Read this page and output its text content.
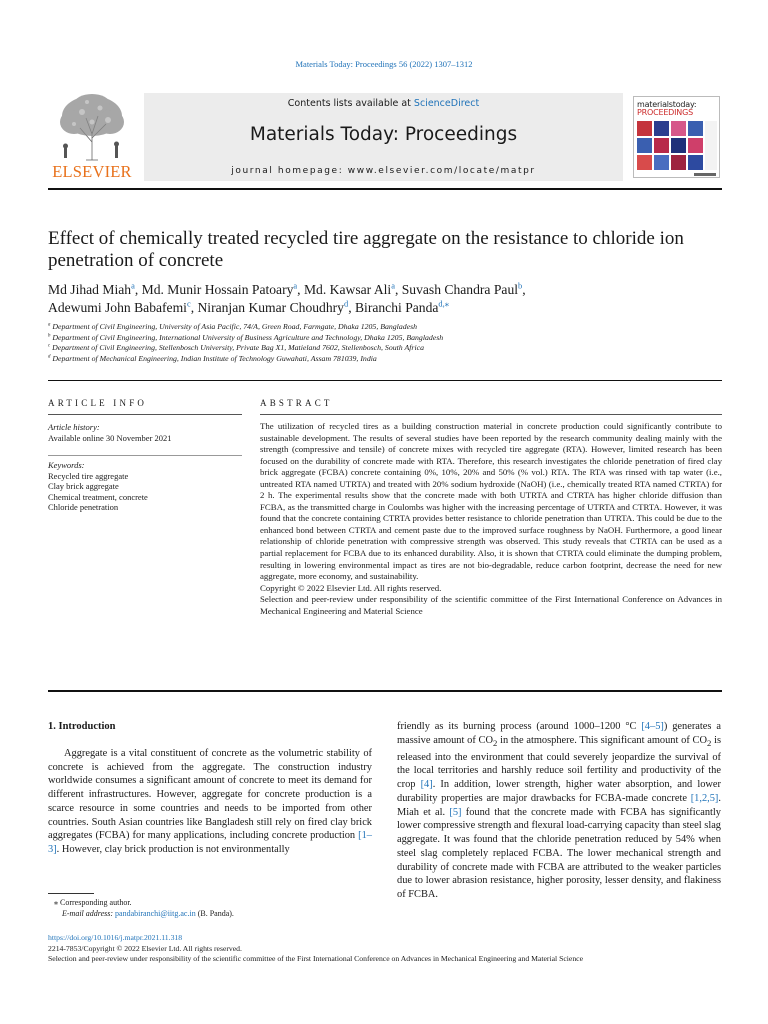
Materials Today: Proceedings 56 (2022) 1307–1312
ELSEVIER
Contents lists available at ScienceDirect
Materials Today: Proceedings
journal homepage: www.elsevier.com/locate/matpr
materialstoday:
PROCEEDINGS
Effect of chemically treated recycled tire aggregate on the resistance to chloride ion penetration of concrete
Md Jihad Miah$^a$, Md. Munir Hossain Patoary$^a$, Md. Kawsar Ali$^a$, Suvash Chandra Paul$^b$,
Adewumi John Babafemi$^c$, Niranjan Kumar Choudhry$^d$, Biranchi Panda$^{d,⁎}$
$^a$ Department of Civil Engineering, University of Asia Pacific, 74/A, Green Road, Farmgate, Dhaka 1205, Bangladesh
$^b$ Department of Civil Engineering, International University of Business Agriculture and Technology, Dhaka 1205, Bangladesh
$^c$ Department of Civil Engineering, Stellenbosch University, Private Bag X1, Matieland 7602, Stellenbosch, South Africa
$^d$ Department of Mechanical Engineering, Indian Institute of Technology Guwahati, Assam 781039, India
ARTICLE INFO	ABSTRACT
Article history:
Available online 30 November 2021
Keywords:
Recycled tire aggregate
Clay brick aggregate
Chemical treatment, concrete
Chloride penetration

The utilization of recycled tires as a building construction material in concrete production could significantly contribute to sustainable development. The results of several studies have been reported by the research community dealing mainly with the strength (compressive and tensile) of concrete mixes with recycled tire aggregate (RTA). However, limited research has been focused on the durability of concrete made with RTA. Therefore, this research investigates the chloride penetration of fired clay brick aggregate (FCBA) concrete containing 0%, 10%, 20% and 50% (% vol.) RTA. The RTA was rinsed with tap water (i.e., untreated RTA named UTRTA) and treated with 20% sodium hydroxide (NaOH) (i.e., chemically treated RTA named CTRTA) for 2 h. The experimental results show that the concrete made with both UTRTA and CTRTA has higher chloride diffusion than FCBA, as the transmitted charge in Coulombs was higher with the increasing percentage of UTRTA and CTRTA. However, it was found that the concrete containing CTRTA provides better resistance to chloride penetration than UTRTA. This could be due to the enhanced bond between CTRTA and cement paste due to the improved surface roughness by NaOH. Furthermore, a good linear relationship of chloride penetration with compressive strength was observed. This study reveals that CTRTA can be used as a partial replacement for FCBA due to its enhanced durability. Also, it is shown that CTRTA could eliminate the dumping problem, resulting in lowering environmental impact as tires are not bio-degradable, reduce carbon footprint, decrease the need for new aggregate, more economy, and sustainability.

Copyright © 2022 Elsevier Ltd. All rights reserved.

Selection and peer-review under responsibility of the scientific committee of the First International Conference on Advances in Mechanical Engineering and Material Science

1. Introduction

Aggregate is a vital constituent of concrete as the volumetric stability of concrete is achieved from the aggregate. The construction industry worldwide consumes a significant amount of concrete to meet its demand for different infrastructures. However, aggregate for concrete production is a scarce resource in some countries and needs to be imported from other countries. South Asian countries like Bangladesh still rely on fired clay brick aggregates (FCBA) for many applications, including concrete production [1–3]. However, clay brick production is not environmentally

friendly as its burning process (around 1000–1200 °C [4–5]) generates a massive amount of $CO_2$ in the atmosphere. This significant amount of $CO_2$ is released into the environment that could severely jeopardize the survival of the local territories and harshly reduce soil fertility and productivity of the crop [4]. In addition, lower strength, higher water absorption, and lower durability properties are major drawbacks for FCBA-made concrete [1,2,5]. Miah et al. [5] found that the concrete made with FCBA has significantly lower compressive strength and flexural load-carrying capacity than steel slag aggregate. It was found that the chloride penetration reduced by 54% when steel slag completely replaced FCBA. The lower mechanical strength and durability of concrete made with FCBA are attributed to the weaker particles due to lower abrasion resistance, higher porosity, lesser density, and flakiness of FCBA.

⁎ Corresponding author.
E-mail address: pandabiranchi@iitg.ac.in (B. Panda).
https://doi.org/10.1016/j.matpr.2021.11.318
2214-7853/Copyright © 2022 Elsevier Ltd. All rights reserved.
Selection and peer-review under responsibility of the scientific committee of the First International Conference on Advances in Mechanical Engineering and Material Science
